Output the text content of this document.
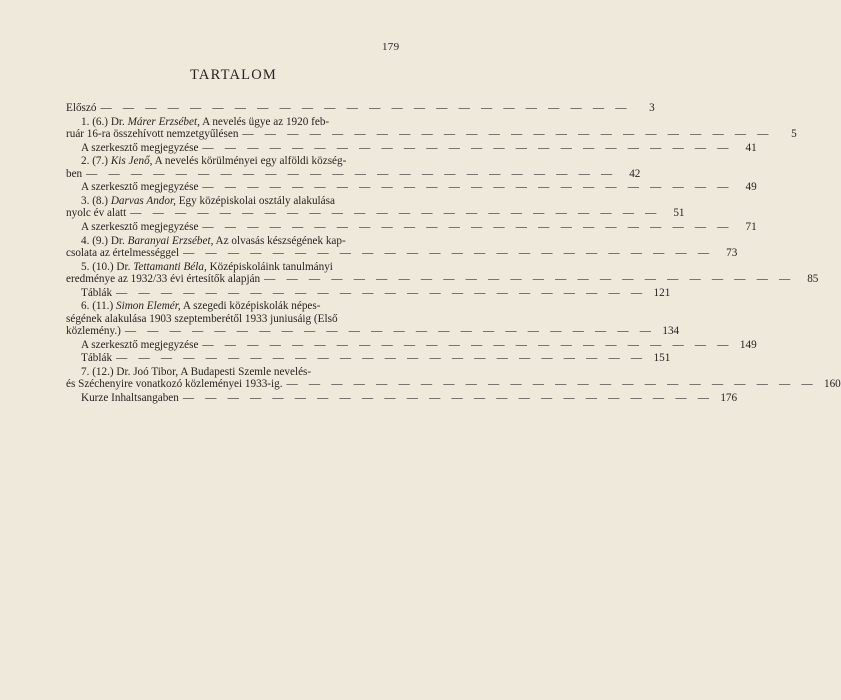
179
TARTALOM
Előszó — — — — — — — — — — — — — — — — — — — — — — — —	3
1. (6.) Dr. Márer Erzsébet, A nevelés ügye az 1920 feb-
ruár 16-ra összehívott nemzetgyűlésen — — — — — — — — — — — — — — — — — — — — — — — —	5
A szerkesztő megjegyzése — — — — — — — — — — — — — — — — — — — — — — — —	41
2. (7.) Kis Jenő, A nevelés körülményei egy alföldi község-
ben — — — — — — — — — — — — — — — — — — — — — — — —	42
A szerkesztő megjegyzése — — — — — — — — — — — — — — — — — — — — — — — —	49
3. (8.) Darvas Andor, Egy középiskolai osztály alakulása
nyolc év alatt — — — — — — — — — — — — — — — — — — — — — — — —	51
A szerkesztő megjegyzése — — — — — — — — — — — — — — — — — — — — — — — —	71
4. (9.) Dr. Baranyai Erzsébet, Az olvasás készségének kap-
csolata az értelmességgel — — — — — — — — — — — — — — — — — — — — — — — —	73
5. (10.) Dr. Tettamanti Béla, Középiskoláink tanulmányi
eredménye az 1932/33 évi értesítők alapján — — — — — — — — — — — — — — — — — — — — — — — —	85
Táblák — — — — — — — — — — — — — — — — — — — — — — — — 121
6. (11.) Simon Elemér, A szegedi középiskolák népes-
ségének alakulása 1903 szeptemberétől 1933 juniusáig (Első
közlemény.) — — — — — — — — — — — — — — — — — — — — — — — — 134
A szerkesztő megjegyzése — — — — — — — — — — — — — — — — — — — — — — — — 149
Táblák — — — — — — — — — — — — — — — — — — — — — — — — 151
7. (12.) Dr. Joó Tibor, A Budapesti Szemle nevelés-
és Széchenyire vonatkozó közleményei 1933-ig. — — — — — — — — — — — — — — — — — — — — — — — — 160
Kurze Inhaltsangaben — — — — — — — — — — — — — — — — — — — — — — — — 176
